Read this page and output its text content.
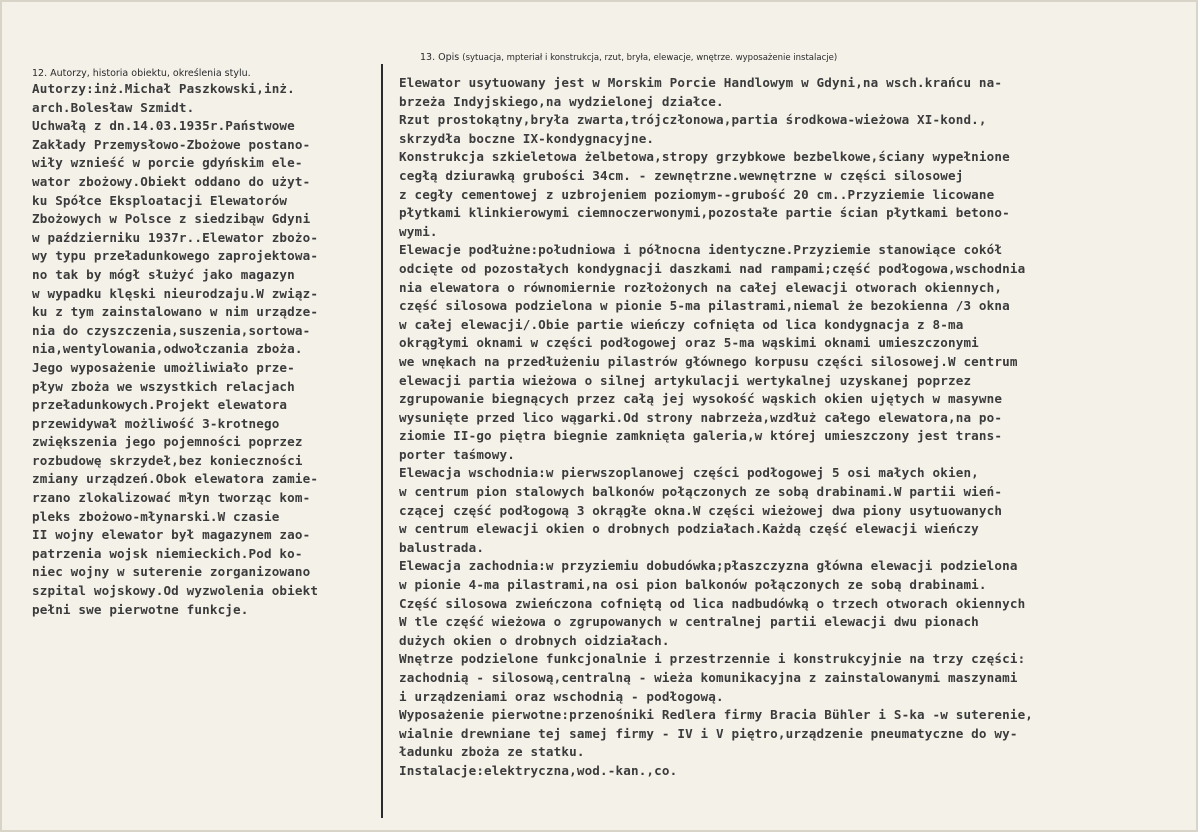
12. Autorzy, historia obiektu, określenia stylu.
13. Opis (sytuacja, mpteriał i konstrukcja, rzut, bryła, elewacje, wnętrze. wyposażenie instalacje)
Autorzy:inż.Michał Paszkowski,inż.
arch.Bolesław Szmidt.
Uchwałą z dn.14.03.1935r.Państwowe
Zakłady Przemysłowo-Zbożowe postano-
wiły wznieść w porcie gdyńskim ele-
wator zbożowy.Obiekt oddano do użyt-
ku Spółce Eksploatacji Elewatorów
Zbożowych w Polsce z siedzibąw Gdyni
w październiku 1937r..Elewator zbożo-
wy typu przeładunkowego zaprojektowa-
no tak by mógł służyć jako magazyn
w wypadku klęski nieurodzaju.W związ-
ku z tym zainstalowano w nim urządze-
nia do czyszczenia,suszenia,sortowa-
nia,wentylowania,odwołczania zboża.
Jego wyposażenie umożliwiało prze-
pływ zboża we wszystkich relacjach
przeładunkowych.Projekt elewatora
przewidywał możliwość 3-krotnego
zwiększenia jego pojemności poprzez
rozbudowę skrzydeł,bez konieczności
zmiany urządzeń.Obok elewatora zamie-
rzano zlokalizować młyn tworząc kom-
pleks zbożowo-młynarski.W czasie
II wojny elewator był magazynem zao-
patrzenia wojsk niemieckich.Pod ko-
niec wojny w suterenie zorganizowano
szpital wojskowy.Od wyzwolenia obiekt
pełni swe pierwotne funkcje.
Elewator usytuowany jest w Morskim Porcie Handlowym w Gdyni,na wsch.krańcu na-
brzeża Indyjskiego,na wydzielonej działce.
Rzut prostokątny,bryła zwarta,trójczłonowa,partia środkowa-wieżowa XI-kond.,
skrzydła boczne IX-kondygnacyjne.
Konstrukcja szkieletowa żelbetowa,stropy grzybkowe bezbelkowe,ściany wypełnione
cegłą dziurawką grubości 34cm. - zewnętrzne.wewnętrzne w części silosowej
z cegły cementowej z uzbrojeniem poziomym--grubość 20 cm..Przyziemie licowane
płytkami klinkierowymi ciemnoczerwonymi,pozostałe partie ścian płytkami betono-
wymi.
Elewacje podłużne:południowa i północna identyczne.Przyziemie stanowiące cokół
odcięte od pozostałych kondygnacji daszkami nad rampami;część podłogowa,wschodnia
nia elewatora o równomiernie rozłożonych na całej elewacji otworach okiennych,
część silosowa podzielona w pionie 5-ma pilastrami,niemal że bezokienna /3 okna
w całej elewacji/.Obie partie wieńczy cofnięta od lica kondygnacja z 8-ma
okrągłymi oknami w części podłogowej oraz 5-ma wąskimi oknami umieszczonymi
we wnękach na przedłużeniu pilastrów głównego korpusu części silosowej.W centrum
elewacji partia wieżowa o silnej artykulacji wertykalnej uzyskanej poprzez
zgrupowanie biegnących przez całą jej wysokość wąskich okien ujętych w masywne
wysunięte przed lico wągarki.Od strony nabrzeża,wzdłuż całego elewatora,na po-
ziomie II-go piętra biegnie zamknięta galeria,w której umieszczony jest trans-
porter taśmowy.
Elewacja wschodnia:w pierwszoplanowej części podłogowej 5 osi małych okien,
w centrum pion stalowych balkonów połączonych ze sobą drabinami.W partii wień-
czącej część podłogową 3 okrągłe okna.W części wieżowej dwa piony usytuowanych
w centrum elewacji okien o drobnych podziałach.Każdą część elewacji wieńczy
balustrada.
Elewacja zachodnia:w przyziemiu dobudówka;płaszczyzna główna elewacji podzielona
w pionie 4-ma pilastrami,na osi pion balkonów połączonych ze sobą drabinami.
Część silosowa zwieńczona cofniętą od lica nadbudówką o trzech otworach okiennych
W tle część wieżowa o zgrupowanych w centralnej partii elewacji dwu pionach
dużych okien o drobnych oidziałach.
Wnętrze podzielone funkcjonalnie i przestrzennie i konstrukcyjnie na trzy części:
zachodnią - silosową,centralną - wieża komunikacyjna z zainstalowanymi maszynami
i urządzeniami oraz wschodnią - podłogową.
Wyposażenie pierwotne:przenośniki Redlera firmy Bracia Bühler i S-ka -w suterenie,
wialnie drewniane tej samej firmy - IV i V piętro,urządzenie pneumatyczne do wy-
ładunku zboża ze statku.
Instalacje:elektryczna,wod.-kan.,co.
